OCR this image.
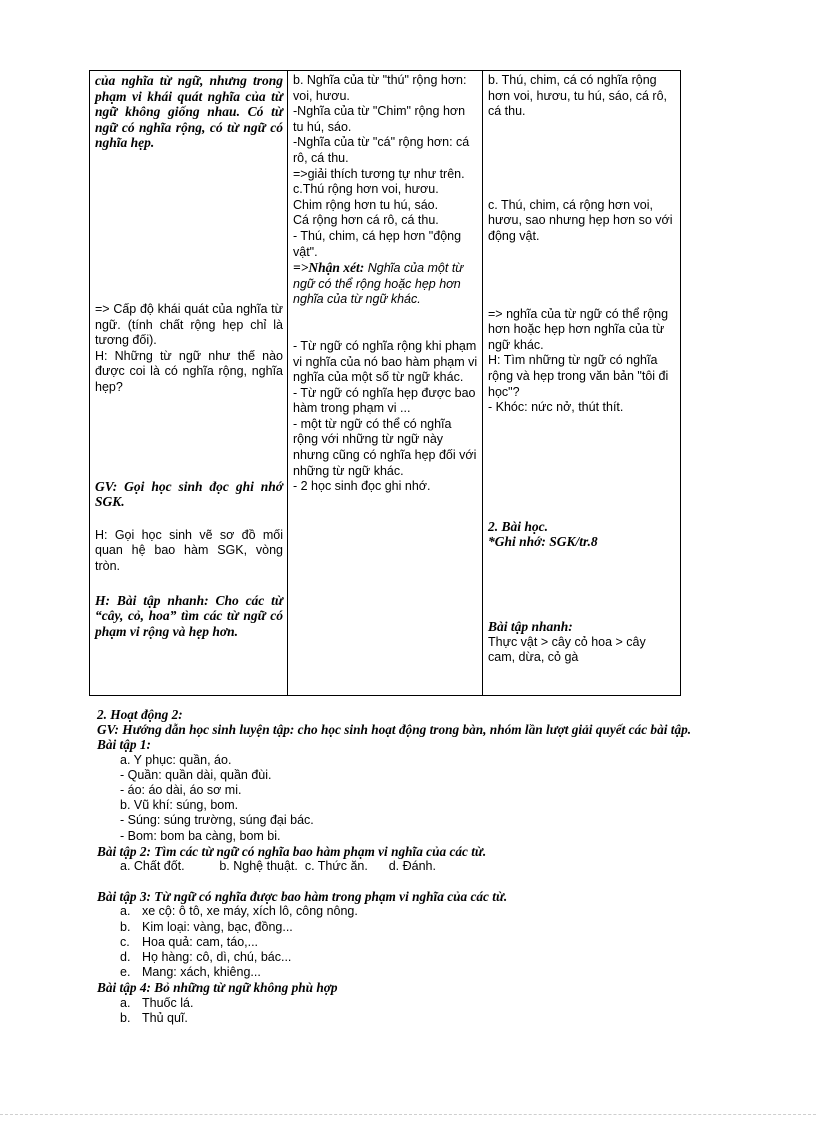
của nghĩa từ ngữ, nhưng trong phạm vi khái quát nghĩa của từ ngữ không giống nhau. Có từ ngữ có nghĩa rộng, có từ ngữ có nghĩa hẹp.
=> Cấp độ khái quát của nghĩa từ ngữ. (tính chất rộng hẹp chỉ là tương đối).
H: Những từ ngữ như thế nào được coi là có nghĩa rộng, nghĩa hẹp?
GV: Gọi học sinh đọc ghi nhớ SGK.
H: Gọi học sinh vẽ sơ đồ mối quan hệ bao hàm SGK, vòng tròn.
H: Bài tập nhanh: Cho các từ “cây, cỏ, hoa” tìm các từ ngữ có phạm vi rộng và hẹp hơn.

b. Nghĩa của từ "thú" rộng hơn: voi, hươu.
-Nghĩa của từ "Chim" rộng hơn tu hú, sáo.
-Nghĩa của từ "cá" rộng hơn: cá rô, cá thu.
=>giải thích tương tự như trên.
c.Thú rộng hơn voi, hươu.
Chim rộng hơn tu hú, sáo.
Cá rộng hơn cá rô, cá thu.
- Thú, chim, cá hẹp hơn "động vật".
=>Nhận xét: Nghĩa của một từ ngữ có thể rộng hoặc hẹp hơn nghĩa của từ ngữ khác.
- Từ ngữ có nghĩa rộng khi phạm vi nghĩa của nó bao hàm phạm vi nghĩa của một số từ ngữ khác.
- Từ ngữ có nghĩa hẹp được bao hàm trong phạm vi ...
- một từ ngữ có thể có nghĩa rộng với những từ ngữ này nhưng cũng có nghĩa hẹp đối với những từ ngữ khác.
- 2 học sinh đọc ghi nhớ.

b. Thú, chim, cá có nghĩa rộng hơn voi, hươu, tu hú, sáo, cá rô, cá thu.
c. Thú, chim, cá rộng hơn voi, hươu, sao nhưng hẹp hơn so với động vật.
=> nghĩa của từ ngữ có thể rộng hơn hoặc hẹp hơn nghĩa của từ ngữ khác.
H: Tìm những từ ngữ có nghĩa rộng và hẹp trong văn bản "tôi đi học"?
- Khóc: nức nở, thút thít.
2. Bài học.
*Ghi nhớ: SGK/tr.8
Bài tập nhanh:
Thực vật > cây cỏ hoa > cây cam, dừa, cỏ gà
2. Hoạt động 2:
GV: Hướng dẫn học sinh luyện tập: cho học sinh hoạt động trong bàn, nhóm lần lượt giải quyết các bài tập.
Bài tập 1:
a. Y phục: quần, áo.
- Quần: quần dài, quần đùi.
- áo: áo dài, áo sơ mi.
b. Vũ khí: súng, bom.
- Súng: súng trường, súng đại bác.
- Bom: bom ba càng, bom bi.
Bài tập 2: Tìm các từ ngữ có nghĩa bao hàm phạm vi nghĩa của các từ.
a. Chất đốt.          b. Nghệ thuật.  c. Thức ăn.      d. Đánh.
Bài tập 3: Từ ngữ có nghĩa được bao hàm trong phạm vi nghĩa của các từ.
a. xe cộ: ô tô, xe máy, xích lô, công nông.
b. Kim loại: vàng, bạc, đồng...
c. Hoa quả: cam, táo,...
d. Họ hàng: cô, dì, chú, bác...
e. Mang: xách, khiêng...
Bài tập 4: Bỏ những từ ngữ không phù hợp
a. Thuốc lá.
b. Thủ quĩ.
